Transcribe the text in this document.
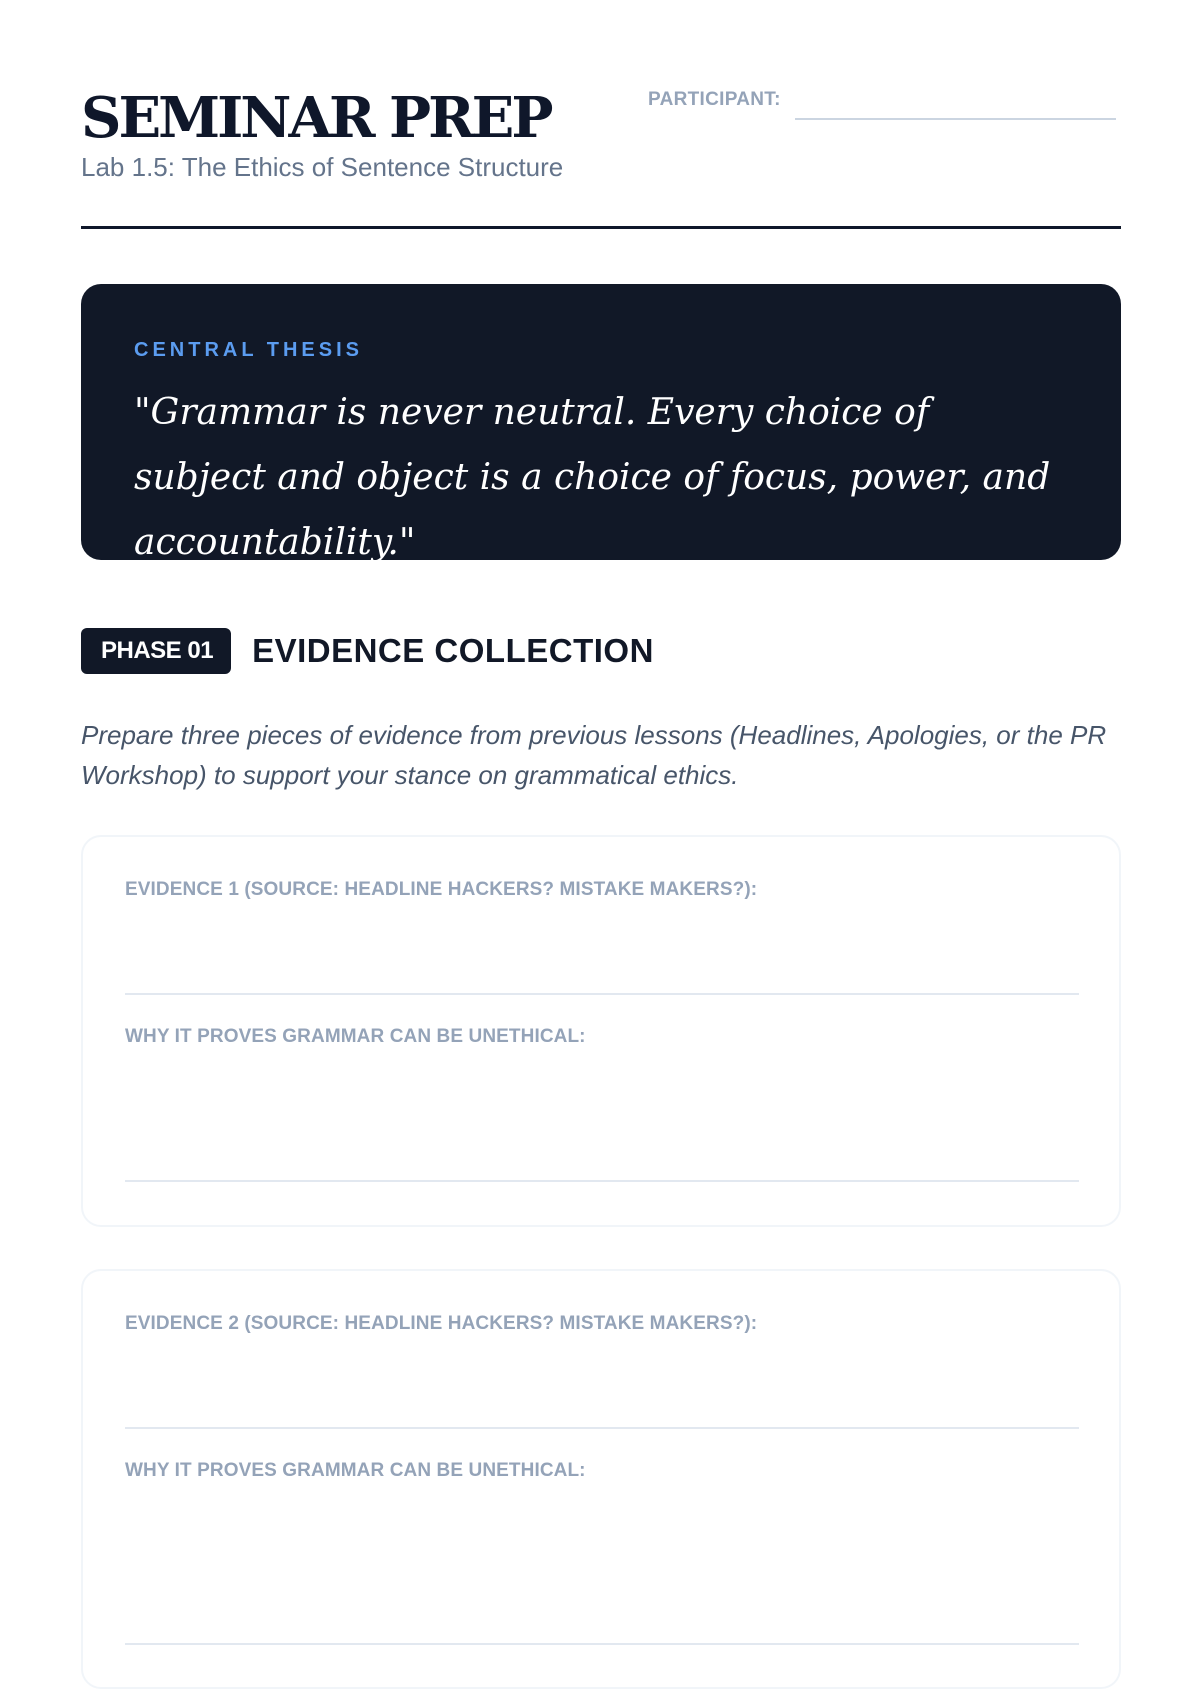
SEMINAR PREP
Lab 1.5: The Ethics of Sentence Structure
PARTICIPANT:
CENTRAL THESIS
"Grammar is never neutral. Every choice of subject and object is a choice of focus, power, and accountability."
PHASE 01	EVIDENCE COLLECTION
Prepare three pieces of evidence from previous lessons (Headlines, Apologies, or the PR Workshop) to support your stance on grammatical ethics.
EVIDENCE 1 (SOURCE: HEADLINE HACKERS? MISTAKE MAKERS?):
WHY IT PROVES GRAMMAR CAN BE UNETHICAL:
EVIDENCE 2 (SOURCE: HEADLINE HACKERS? MISTAKE MAKERS?):
WHY IT PROVES GRAMMAR CAN BE UNETHICAL:
